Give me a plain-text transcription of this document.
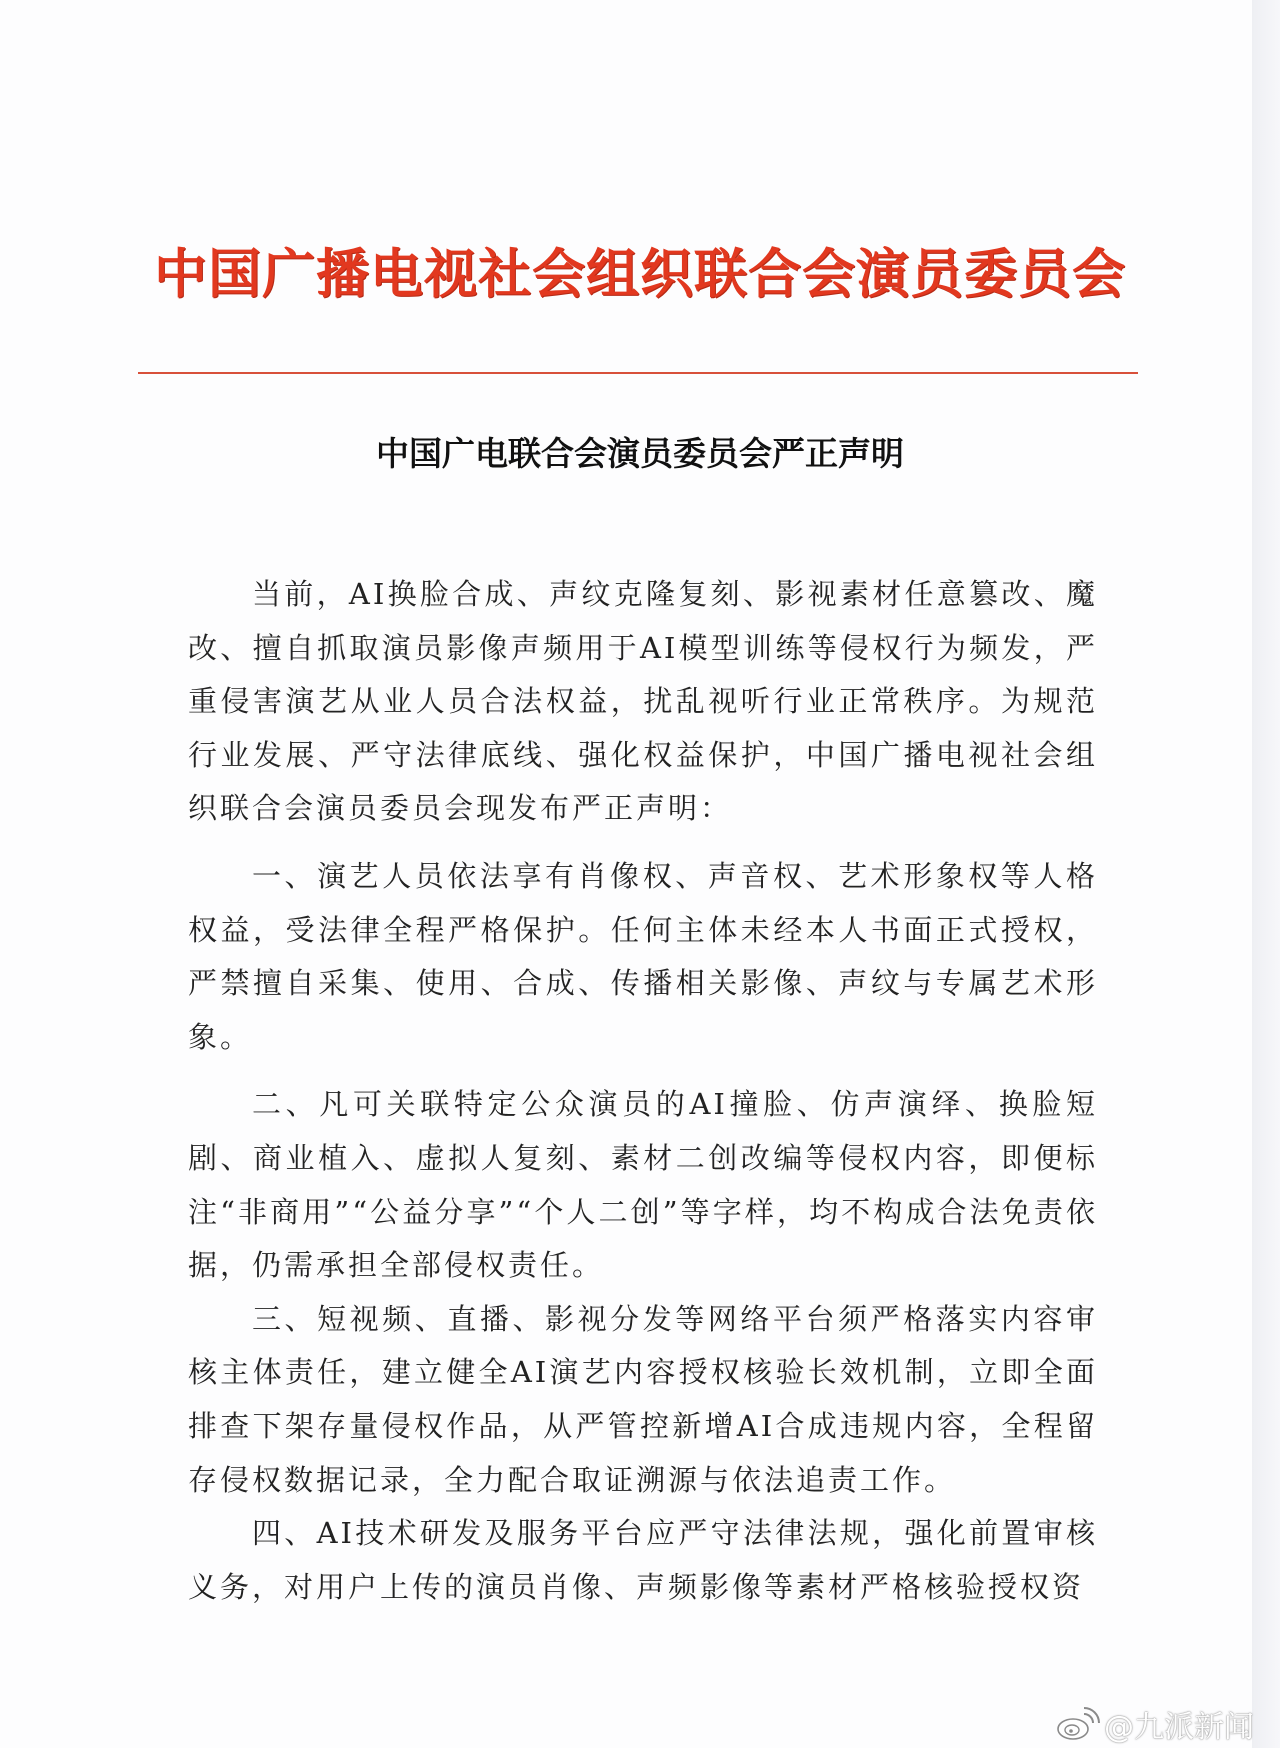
中国广播电视社会组织联合会演员委员会
中国广电联合会演员委员会严正声明

当前，AI换脸合成、声纹克隆复刻、影视素材任意篡改、魔改、擅自抓取演员影像声频用于AI模型训练等侵权行为频发，严重侵害演艺从业人员合法权益，扰乱视听行业正常秩序。为规范行业发展、严守法律底线、强化权益保护，中国广播电视社会组织联合会演员委员会现发布严正声明：

一、演艺人员依法享有肖像权、声音权、艺术形象权等人格权益，受法律全程严格保护。任何主体未经本人书面正式授权，严禁擅自采集、使用、合成、传播相关影像、声纹与专属艺术形象。

二、凡可关联特定公众演员的AI撞脸、仿声演绎、换脸短剧、商业植入、虚拟人复刻、素材二创改编等侵权内容，即便标注“非商用”“公益分享”“个人二创”等字样，均不构成合法免责依据，仍需承担全部侵权责任。

三、短视频、直播、影视分发等网络平台须严格落实内容审核主体责任，建立健全AI演艺内容授权核验长效机制，立即全面排查下架存量侵权作品，从严管控新增AI合成违规内容，全程留存侵权数据记录，全力配合取证溯源与依法追责工作。

四、AI技术研发及服务平台应严守法律法规，强化前置审核义务，对用户上传的演员肖像、声频影像等素材严格核验授权资

@九派新闻
